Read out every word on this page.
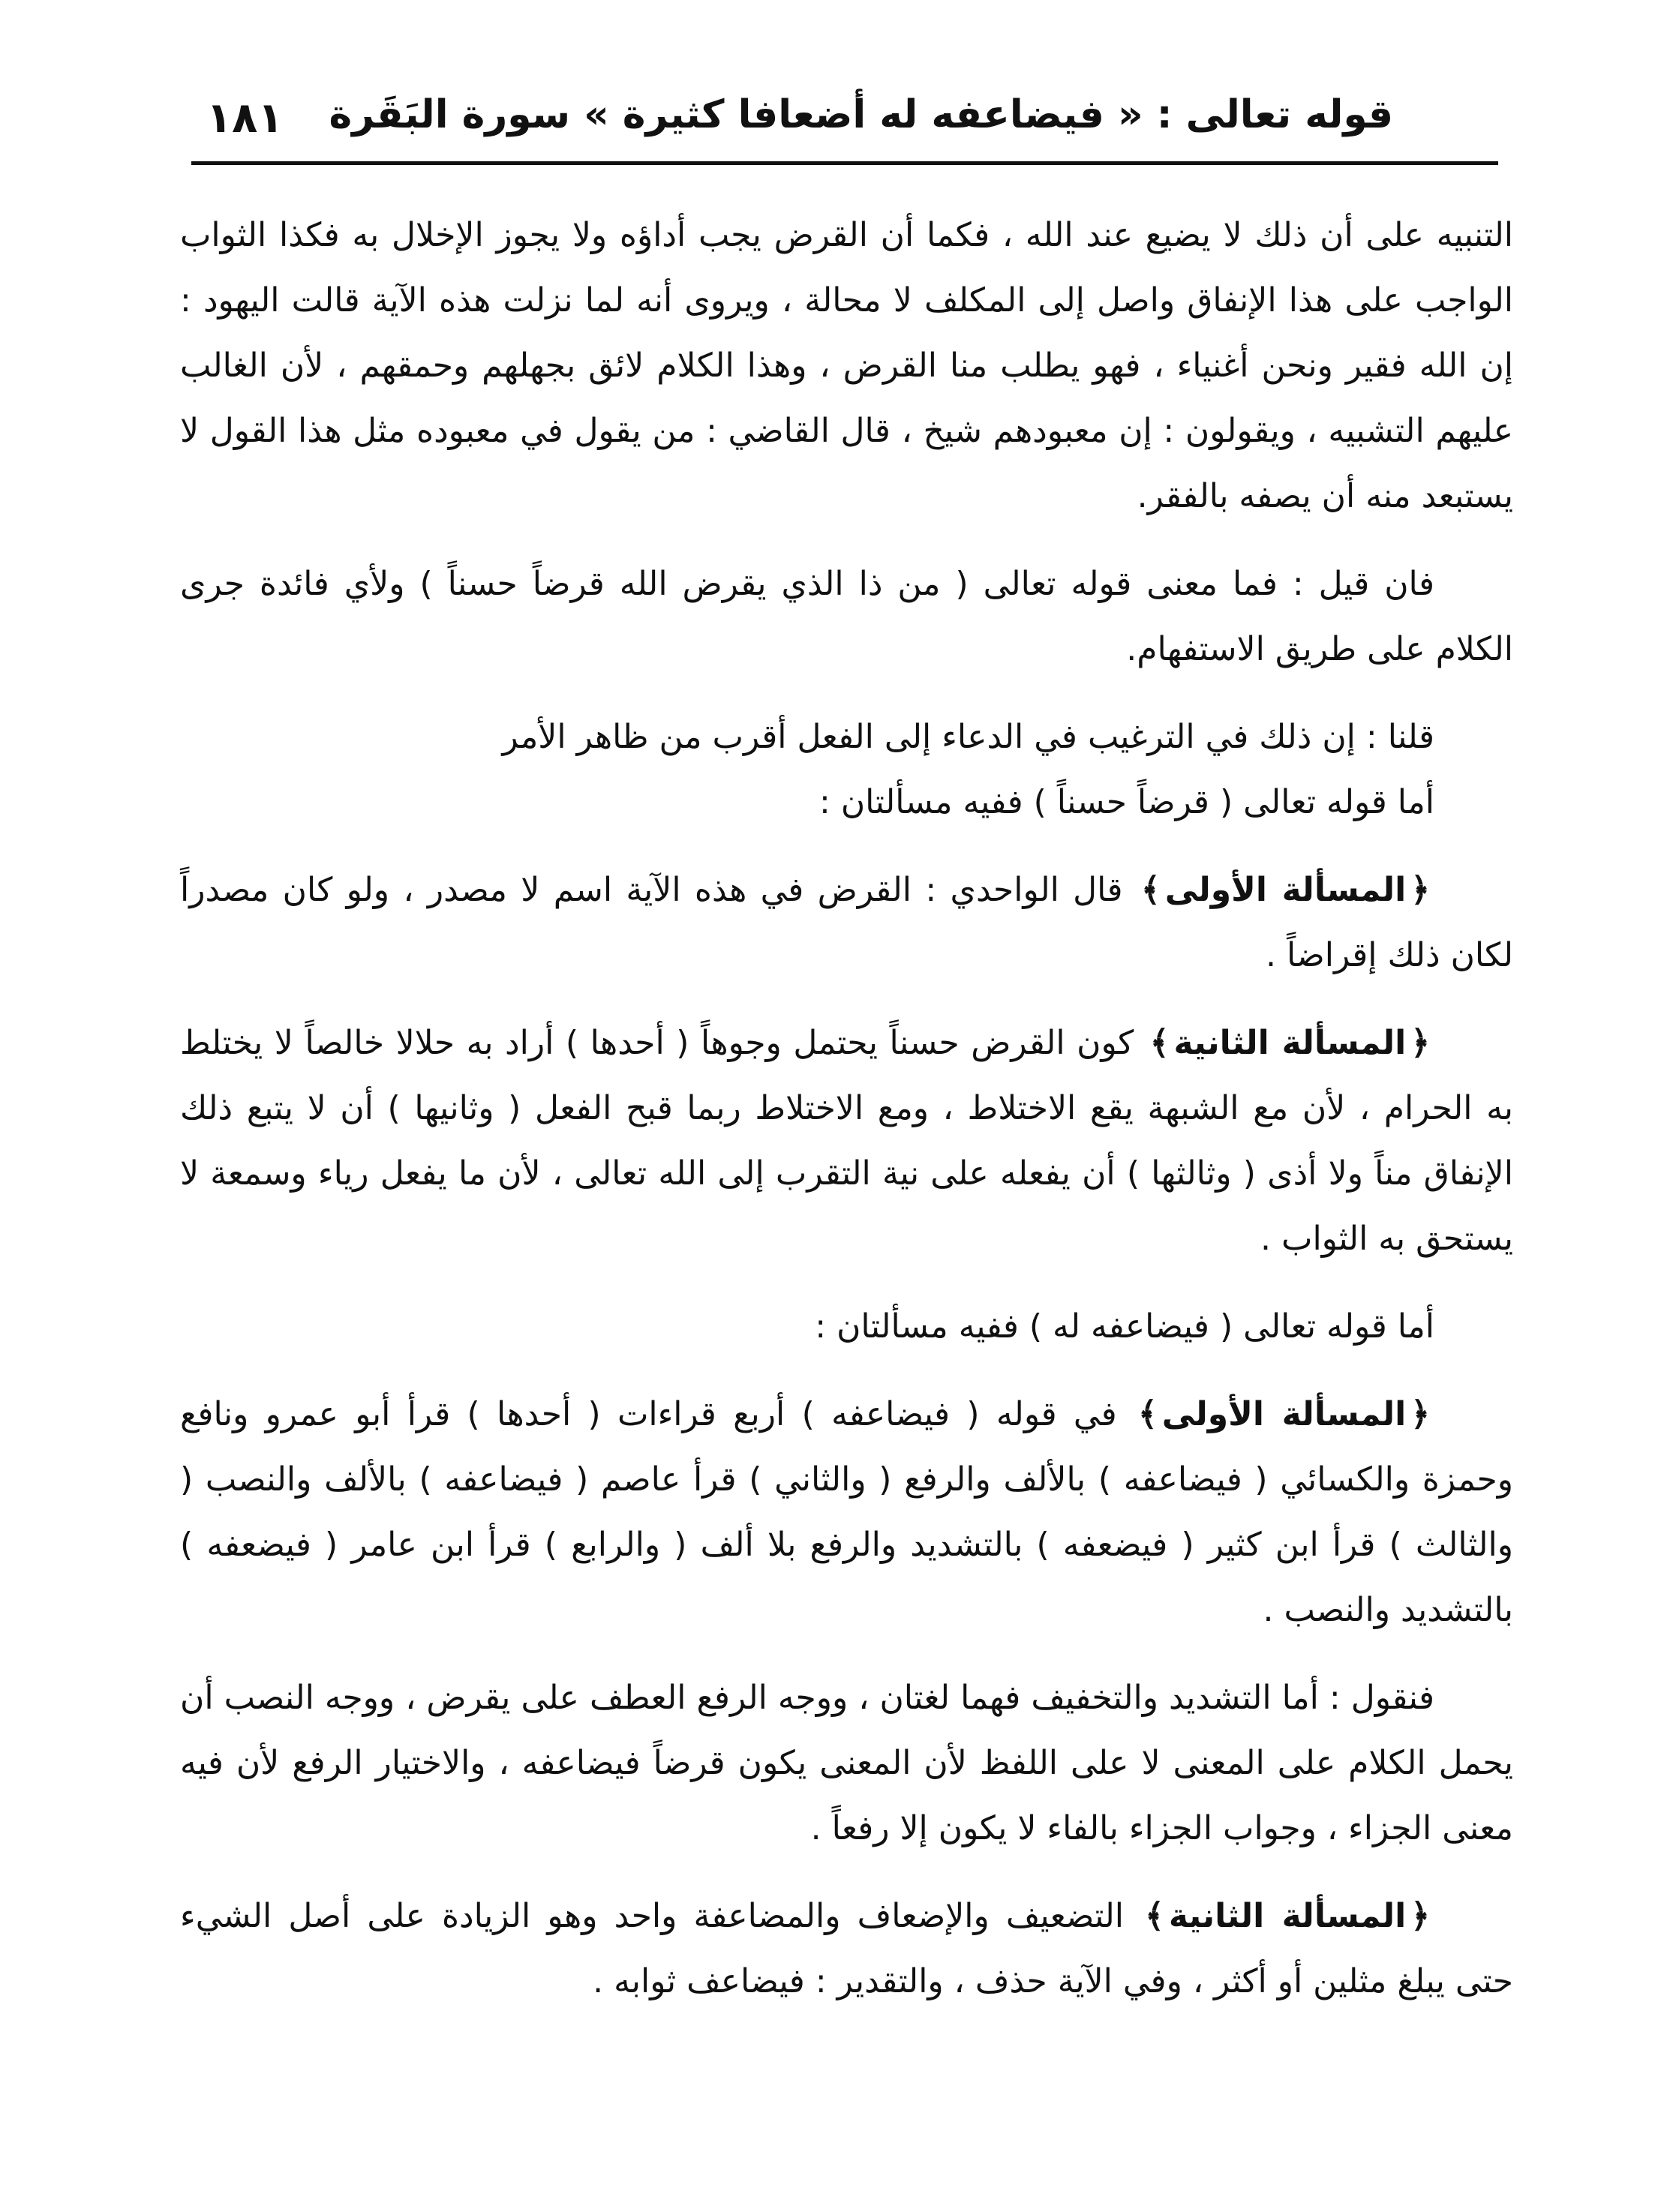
قوله تعالى : « فيضاعفه له أضعافا كثيرة » سورة البَقَرة
١٨١

التنبيه على أن ذلك لا يضيع عند الله ، فكما أن القرض يجب أداؤه ولا يجوز الإخلال به فكذا الثواب الواجب على هذا الإنفاق واصل إلى المكلف لا محالة ، ويروى أنه لما نزلت هذه الآية قالت اليهود : إن الله فقير ونحن أغنياء ، فهو يطلب منا القرض ، وهذا الكلام لائق بجهلهم وحمقهم ، لأن الغالب عليهم التشبيه ، ويقولون : إن معبودهم شيخ ، قال القاضي : من يقول في معبوده مثل هذا القول لا يستبعد منه أن يصفه بالفقر.

فان قيل : فما معنى قوله تعالى ( من ذا الذي يقرض الله قرضاً حسناً ) ولأي فائدة جرى الكلام على طريق الاستفهام.

قلنا : إن ذلك في الترغيب في الدعاء إلى الفعل أقرب من ظاهر الأمر
أما قوله تعالى ( قرضاً حسناً ) ففيه مسألتان :

﴿المسألة الأولى﴾ قال الواحدي : القرض في هذه الآية اسم لا مصدر ، ولو كان مصدراً لكان ذلك إقراضاً .

﴿المسألة الثانية﴾ كون القرض حسناً يحتمل وجوهاً ( أحدها ) أراد به حلالا خالصاً لا يختلط به الحرام ، لأن مع الشبهة يقع الاختلاط ، ومع الاختلاط ربما قبح الفعل ( وثانيها ) أن لا يتبع ذلك الإنفاق مناً ولا أذى ( وثالثها ) أن يفعله على نية التقرب إلى الله تعالى ، لأن ما يفعل رياء وسمعة لا يستحق به الثواب .

أما قوله تعالى ( فيضاعفه له ) ففيه مسألتان :

﴿المسألة الأولى﴾ في قوله ( فيضاعفه ) أربع قراءات ( أحدها ) قرأ أبو عمرو ونافع وحمزة والكسائي ( فيضاعفه ) بالألف والرفع ( والثاني ) قرأ عاصم ( فيضاعفه ) بالألف والنصب ( والثالث ) قرأ ابن كثير ( فيضعفه ) بالتشديد والرفع بلا ألف ( والرابع ) قرأ ابن عامر ( فيضعفه ) بالتشديد والنصب .

فنقول : أما التشديد والتخفيف فهما لغتان ، ووجه الرفع العطف على يقرض ، ووجه النصب أن يحمل الكلام على المعنى لا على اللفظ لأن المعنى يكون قرضاً فيضاعفه ، والاختيار الرفع لأن فيه معنى الجزاء ، وجواب الجزاء بالفاء لا يكون إلا رفعاً .

﴿المسألة الثانية﴾ التضعيف والإضعاف والمضاعفة واحد وهو الزيادة على أصل الشيء حتى يبلغ مثلين أو أكثر ، وفي الآية حذف ، والتقدير : فيضاعف ثوابه .
